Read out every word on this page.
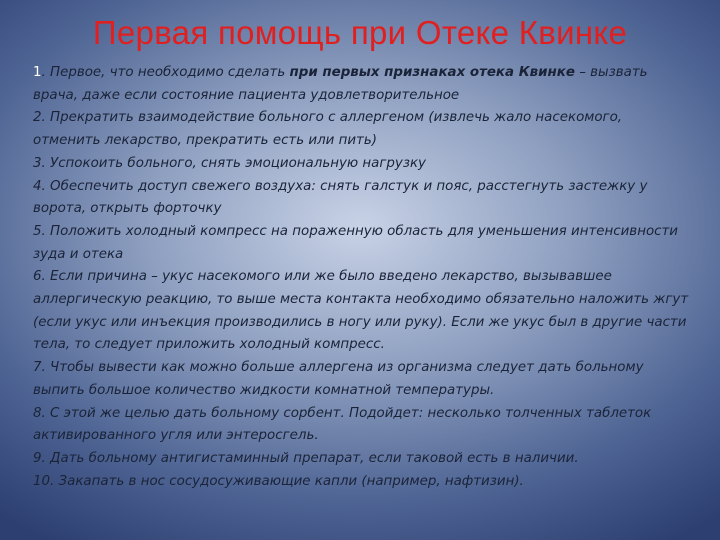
Первая помощь при Отеке Квинке

1. Первое, что необходимо сделать при первых признаках отека Квинке – вызвать врача, даже если состояние пациента удовлетворительное

2. Прекратить взаимодействие больного с аллергеном (извлечь жало насекомого, отменить лекарство, прекратить есть или пить)

3. Успокоить больного, снять эмоциональную нагрузку

4. Обеспечить доступ свежего воздуха: снять галстук и пояс, расстегнуть застежку у ворота, открыть форточку

5. Положить холодный компресс на пораженную область для уменьшения интенсивности зуда и отека

6. Если причина – укус насекомого или же было введено лекарство, вызывавшее аллергическую реакцию, то выше места контакта необходимо обязательно наложить жгут (если укус или инъекция производились в ногу или руку). Если же укус был в другие части тела, то следует приложить холодный компресс.

7. Чтобы вывести как можно больше аллергена из организма следует дать больному выпить большое количество жидкости комнатной температуры.

8. С этой же целью дать больному сорбент. Подойдет: несколько толченных таблеток активированного угля или энтеросгель.

9. Дать больному антигистаминный препарат, если таковой есть в наличии.

10. Закапать в нос сосудосуживающие капли (например, нафтизин).
